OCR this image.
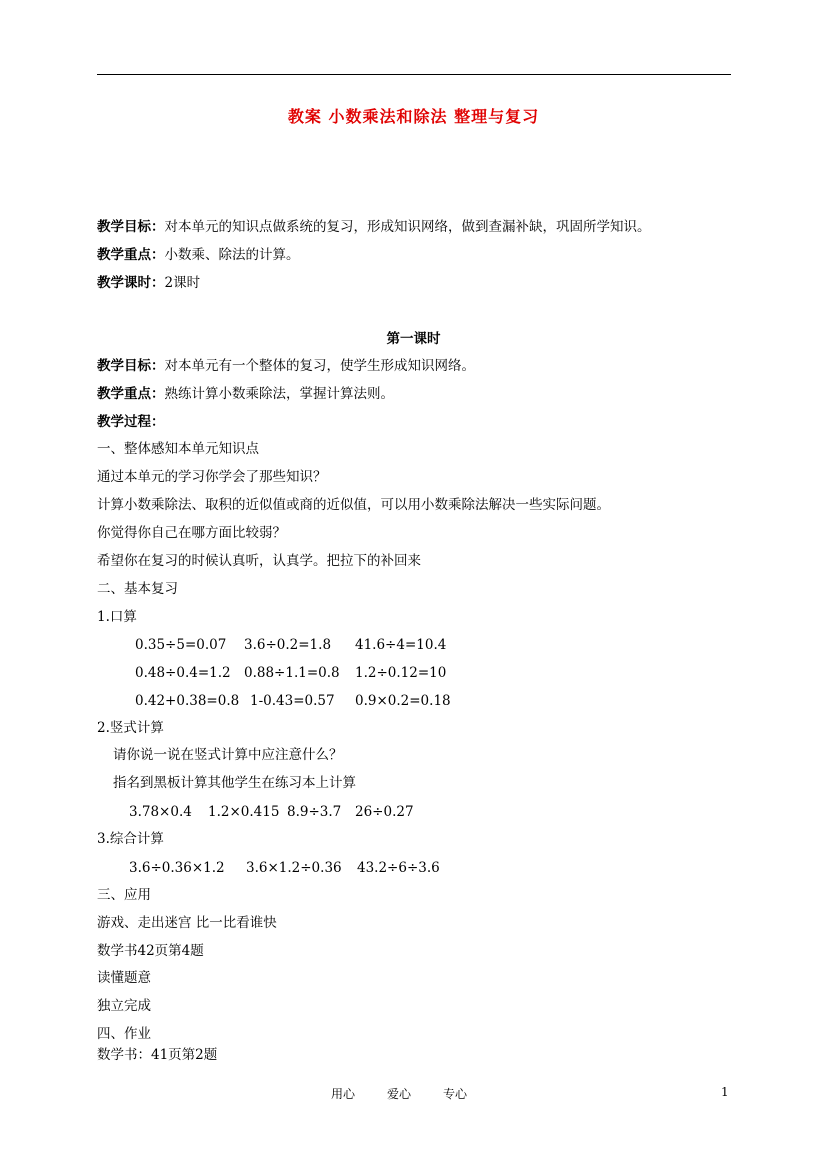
教案 小数乘法和除法 整理与复习
教学目标：对本单元的知识点做系统的复习，形成知识网络，做到查漏补缺，巩固所学知识。
教学重点：小数乘、除法的计算。
教学课时：2课时
第一课时
教学目标：对本单元有一个整体的复习，使学生形成知识网络。
教学重点：熟练计算小数乘除法，掌握计算法则。
教学过程：
一、整体感知本单元知识点
通过本单元的学习你学会了那些知识？
计算小数乘除法、取积的近似值或商的近似值，可以用小数乘除法解决一些实际问题。
你觉得你自己在哪方面比较弱？
希望你在复习的时候认真听，认真学。把拉下的补回来
二、基本复习
1.口算
0.35÷5=0.07 3.6÷0.2=1.8 41.6÷4=10.4
0.48÷0.4=1.2 0.88÷1.1=0.8 1.2÷0.12=10
0.42+0.38=0.8 1-0.43=0.57 0.9×0.2=0.18
2.竖式计算
请你说一说在竖式计算中应注意什么？
指名到黑板计算其他学生在练习本上计算
3.78×0.4 1.2×0.415 8.9÷3.7 26÷0.27
3.综合计算
3.6÷0.36×1.2 3.6×1.2÷0.36 43.2÷6÷3.6
三、应用
游戏、走出迷宫 比一比看谁快
数学书42页第4题
读懂题意
独立完成
四、作业
数学书：41页第2题
用心	爱心	专心	1
